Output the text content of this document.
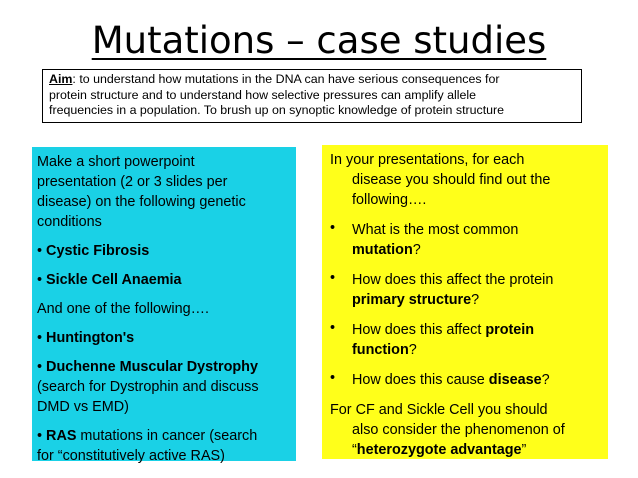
Mutations – case studies
Aim: to understand how mutations in the DNA can have serious consequences for
protein structure and to understand how selective pressures can amplify allele
frequencies in a population. To brush up on synoptic knowledge of protein structure

Make a short powerpoint

presentation (2 or 3 slides per

disease) on the following genetic

conditions

• Cystic Fibrosis

• Sickle Cell Anaemia

And one of the following….

• Huntington's

• Duchenne Muscular Dystrophy

(search for Dystrophin and discuss

DMD vs EMD)

• RAS mutations in cancer (search

for “constitutively active RAS)

In your presentations, for each
disease you should find out the
following….

•	What is the most common
mutation?

•	How does this affect the protein
primary structure?

•	How does this affect protein
function?

•	How does this cause disease?

For CF and Sickle Cell you should
also consider the phenomenon of
“heterozygote advantage”
